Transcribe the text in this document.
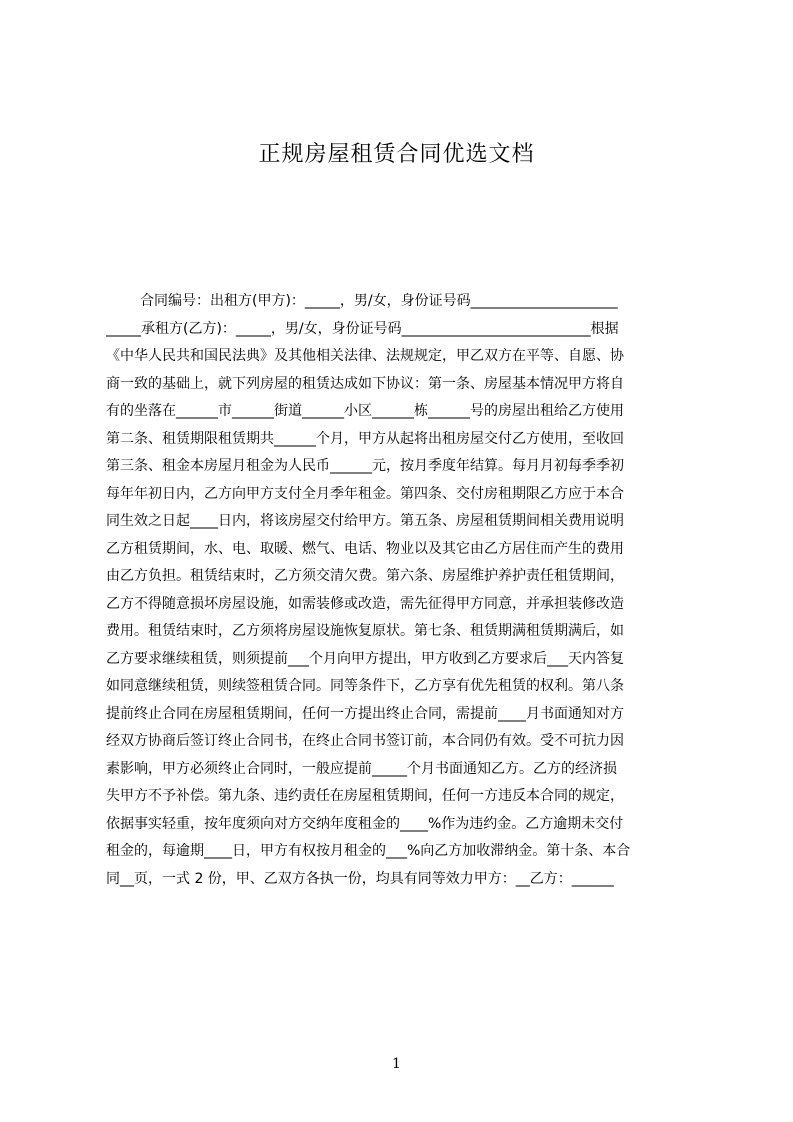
正规房屋租赁合同优选文档
合同编号：出租方(甲方)：_____，男/女，身份证号码_____________________
_____承租方(乙方)：_____，男/女，身份证号码___________________________根据
《中华人民共和国民法典》及其他相关法律、法规规定，甲乙双方在平等、自愿、协
商一致的基础上，就下列房屋的租赁达成如下协议：第一条、房屋基本情况甲方将自
有的坐落在______市______街道______小区______栋______号的房屋出租给乙方使用
第二条、租赁期限租赁期共______个月，甲方从起将出租房屋交付乙方使用，至收回
第三条、租金本房屋月租金为人民币______元，按月季度年结算。每月月初每季季初
每年年初日内，乙方向甲方支付全月季年租金。第四条、交付房租期限乙方应于本合
同生效之日起____日内，将该房屋交付给甲方。第五条、房屋租赁期间相关费用说明
乙方租赁期间，水、电、取暖、燃气、电话、物业以及其它由乙方居住而产生的费用
由乙方负担。租赁结束时，乙方须交清欠费。第六条、房屋维护养护责任租赁期间，
乙方不得随意损坏房屋设施，如需装修或改造，需先征得甲方同意，并承担装修改造
费用。租赁结束时，乙方须将房屋设施恢复原状。第七条、租赁期满租赁期满后，如
乙方要求继续租赁，则须提前___个月向甲方提出，甲方收到乙方要求后___天内答复
如同意继续租赁，则续签租赁合同。同等条件下，乙方享有优先租赁的权利。第八条
提前终止合同在房屋租赁期间，任何一方提出终止合同，需提前____月书面通知对方
经双方协商后签订终止合同书，在终止合同书签订前，本合同仍有效。受不可抗力因
素影响，甲方必须终止合同时，一般应提前_____个月书面通知乙方。乙方的经济损
失甲方不予补偿。第九条、违约责任在房屋租赁期间，任何一方违反本合同的规定，
依据事实轻重，按年度须向对方交纳年度租金的____%作为违约金。乙方逾期未交付
租金的，每逾期____日，甲方有权按月租金的___%向乙方加收滞纳金。第十条、本合
同__页，一式 2 份，甲、乙双方各执一份，均具有同等效力甲方：__乙方：______
1
